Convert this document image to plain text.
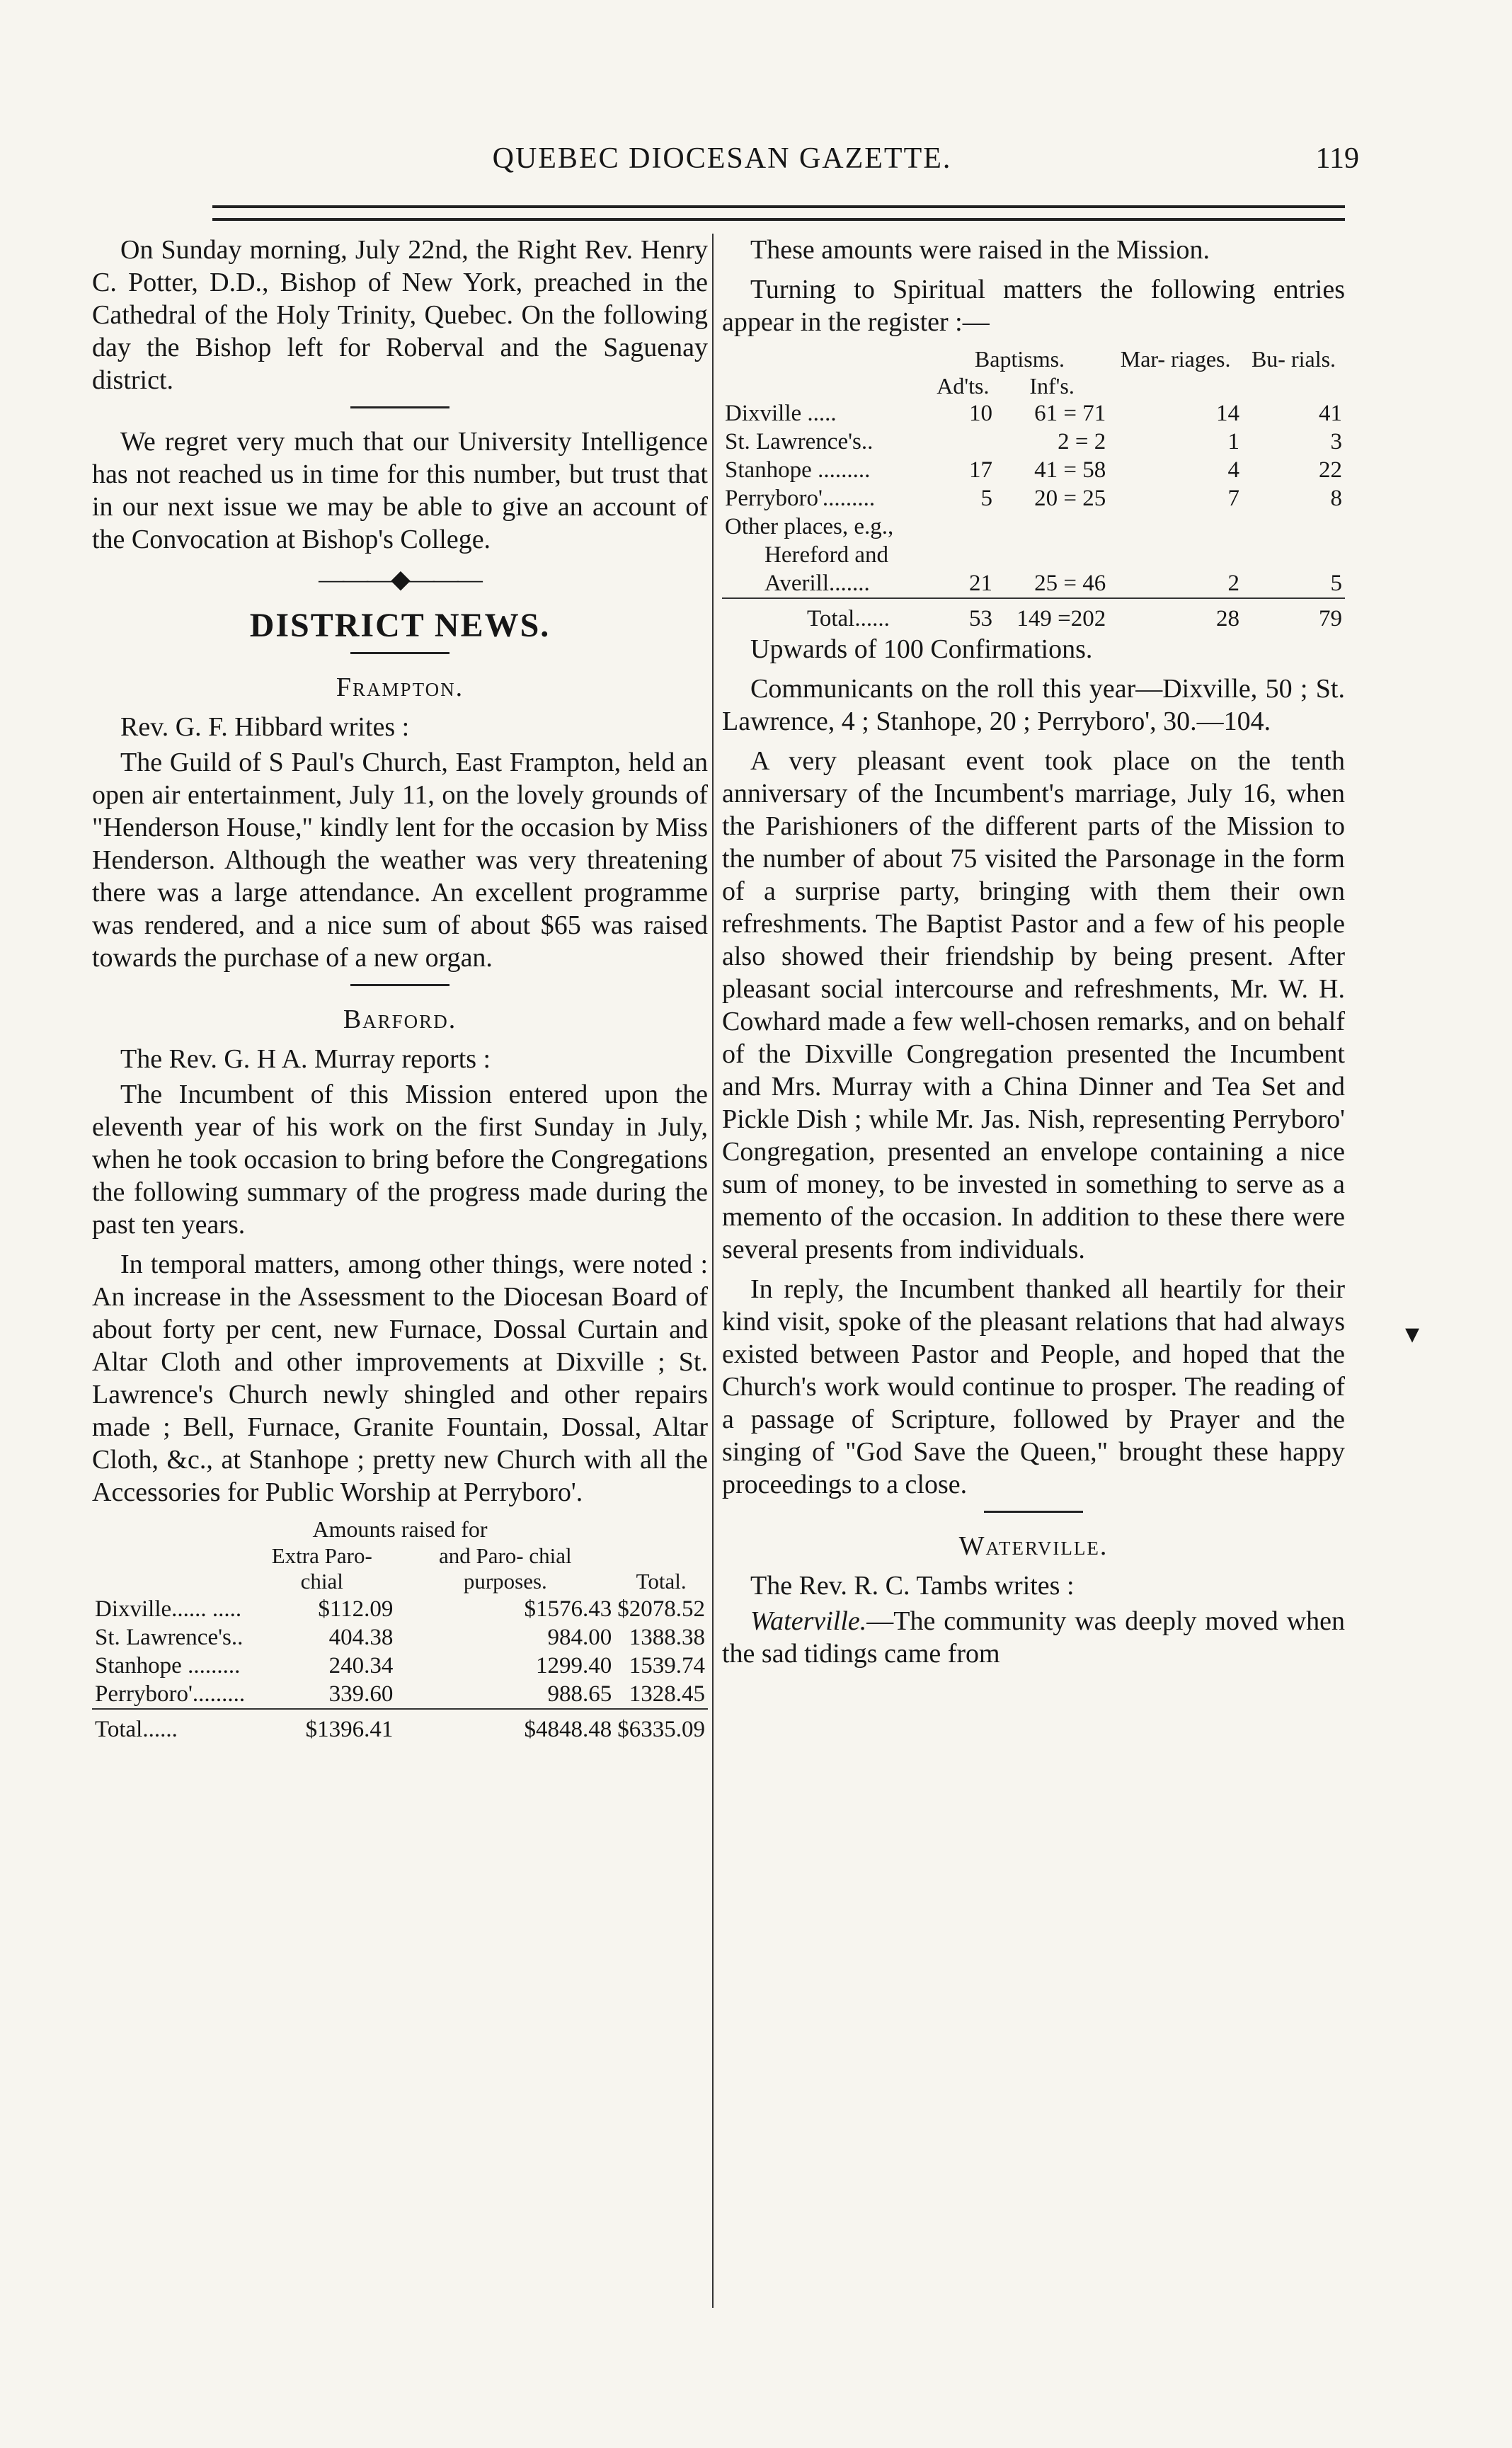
QUEBEC DIOCESAN GAZETTE.	119

On Sunday morning, July 22nd, the Right Rev. Henry C. Potter, D.D., Bishop of New York, preached in the Cathedral of the Holy Trinity, Quebec. On the following day the Bishop left for Roberval and the Saguenay district.

We regret very much that our University Intelligence has not reached us in time for this number, but trust that in our next issue we may be able to give an account of the Convocation at Bishop's College.

———◆———
DISTRICT NEWS.
Frampton.

Rev. G. F. Hibbard writes :

The Guild of S Paul's Church, East Frampton, held an open air entertainment, July 11, on the lovely grounds of "Henderson House," kindly lent for the occasion by Miss Henderson. Although the weather was very threatening there was a large attendance. An excellent programme was rendered, and a nice sum of about $65 was raised towards the purchase of a new organ.

Barford.

The Rev. G. H A. Murray reports :

The Incumbent of this Mission entered upon the eleventh year of his work on the first Sunday in July, when he took occasion to bring before the Congregations the following summary of the progress made during the past ten years.

In temporal matters, among other things, were noted : An increase in the Assessment to the Diocesan Board of about forty per cent, new Furnace, Dossal Curtain and Altar Cloth and other improvements at Dixville ; St. Lawrence's Church newly shingled and other repairs made ; Bell, Furnace, Granite Fountain, Dossal, Altar Cloth, &c., at Stanhope ; pretty new Church with all the Accessories for Public Worship at Perryboro'.

Amounts raised for
	Extra Paro- chial	and Paro- chial purposes.	Total.
Dixville...... .....	$112.09	$1576.43	$2078.52
St. Lawrence's..	404.38	984.00	1388.38
Stanhope .........	240.34	1299.40	1539.74
Perryboro'.........	339.60	988.65	1328.45
Total......	$1396.41	$4848.48	$6335.09

These amounts were raised in the Mission.

Turning to Spiritual matters the following entries appear in the register :—

	Baptisms.		Mar- riages.	Bu- rials.
	Ad'ts.	Inf's.		
Dixville .....	10	61 = 71	14	41
St. Lawrence's..		2 = 2	1	3
Stanhope .........	17	41 = 58	4	22
Perryboro'.........	5	20 = 25	7	8
Other places, e.g.,				
Hereford and				
Averill.......	21	25 = 46	2	5
Total......	53	149 =202	28	79

Upwards of 100 Confirmations.

Communicants on the roll this year—Dixville, 50 ; St. Lawrence, 4 ; Stanhope, 20 ; Perryboro', 30.—104.

A very pleasant event took place on the tenth anniversary of the Incumbent's marriage, July 16, when the Parishioners of the different parts of the Mission to the number of about 75 visited the Parsonage in the form of a surprise party, bringing with them their own refreshments. The Baptist Pastor and a few of his people also showed their friendship by being present. After pleasant social intercourse and refreshments, Mr. W. H. Cowhard made a few well-chosen remarks, and on behalf of the Dixville Congregation presented the Incumbent and Mrs. Murray with a China Dinner and Tea Set and Pickle Dish ; while Mr. Jas. Nish, representing Perryboro' Congregation, presented an envelope containing a nice sum of money, to be invested in something to serve as a memento of the occasion. In addition to these there were several presents from individuals.

In reply, the Incumbent thanked all heartily for their kind visit, spoke of the pleasant relations that had always existed between Pastor and People, and hoped that the Church's work would continue to prosper. The reading of a passage of Scripture, followed by Prayer and the singing of "God Save the Queen," brought these happy proceedings to a close.

Waterville.

The Rev. R. C. Tambs writes :

Waterville.—The community was deeply moved when the sad tidings came from

▾
